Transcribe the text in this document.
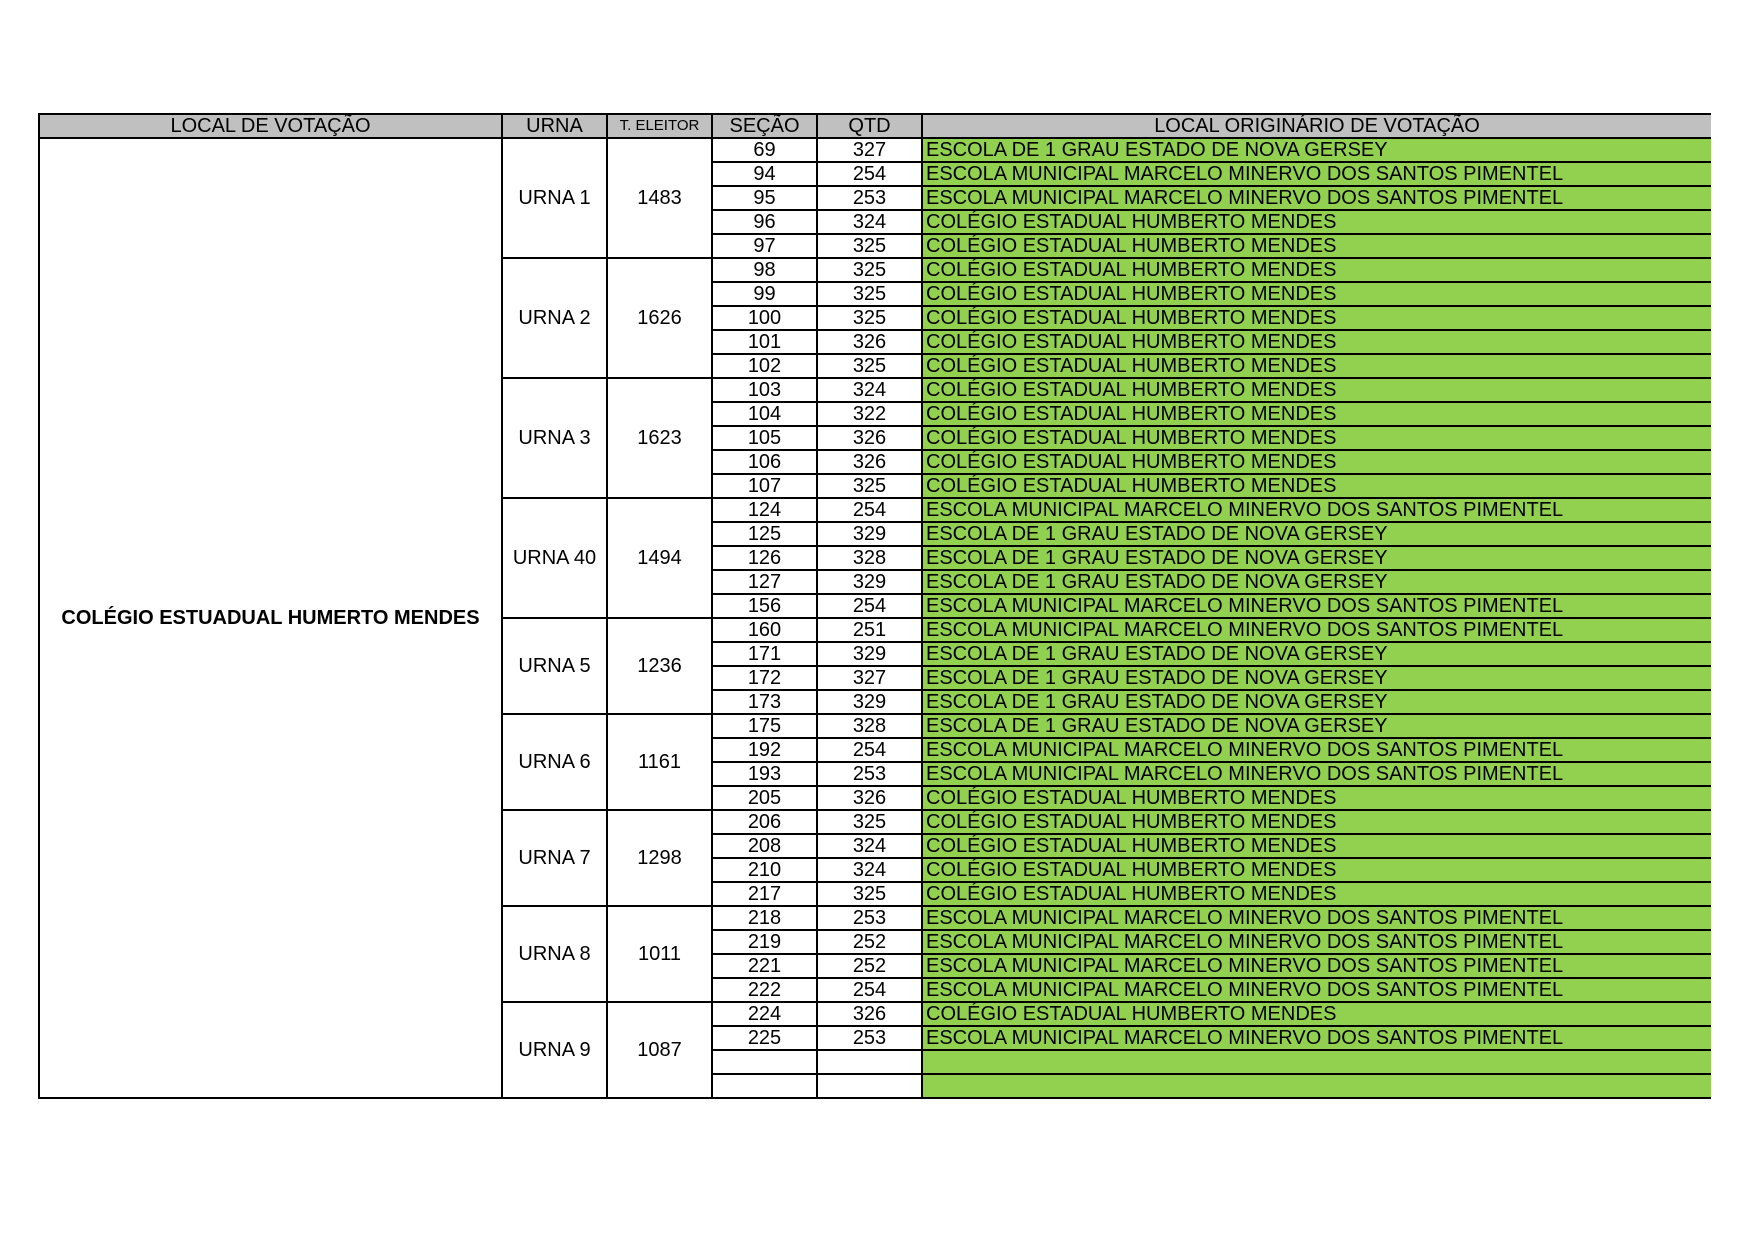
LOCAL DE VOTAÇÃO	URNA	T. ELEITOR	SEÇÃO	QTD	LOCAL ORIGINÁRIO DE VOTAÇÃO
COLÉGIO ESTUADUAL HUMERTO MENDES	URNA 1	1483	69	327	ESCOLA DE 1 GRAU ESTADO DE NOVA GERSEY
			94	254	ESCOLA MUNICIPAL MARCELO MINERVO DOS SANTOS PIMENTEL
			95	253	ESCOLA MUNICIPAL MARCELO MINERVO DOS SANTOS PIMENTEL
			96	324	COLÉGIO ESTADUAL HUMBERTO MENDES
			97	325	COLÉGIO ESTADUAL HUMBERTO MENDES
	URNA 2	1626	98	325	COLÉGIO ESTADUAL HUMBERTO MENDES
			99	325	COLÉGIO ESTADUAL HUMBERTO MENDES
			100	325	COLÉGIO ESTADUAL HUMBERTO MENDES
			101	326	COLÉGIO ESTADUAL HUMBERTO MENDES
			102	325	COLÉGIO ESTADUAL HUMBERTO MENDES
	URNA 3	1623	103	324	COLÉGIO ESTADUAL HUMBERTO MENDES
			104	322	COLÉGIO ESTADUAL HUMBERTO MENDES
			105	326	COLÉGIO ESTADUAL HUMBERTO MENDES
			106	326	COLÉGIO ESTADUAL HUMBERTO MENDES
			107	325	COLÉGIO ESTADUAL HUMBERTO MENDES
	URNA 40	1494	124	254	ESCOLA MUNICIPAL MARCELO MINERVO DOS SANTOS PIMENTEL
			125	329	ESCOLA DE 1 GRAU ESTADO DE NOVA GERSEY
			126	328	ESCOLA DE 1 GRAU ESTADO DE NOVA GERSEY
			127	329	ESCOLA DE 1 GRAU ESTADO DE NOVA GERSEY
			156	254	ESCOLA MUNICIPAL MARCELO MINERVO DOS SANTOS PIMENTEL
	URNA 5	1236	160	251	ESCOLA MUNICIPAL MARCELO MINERVO DOS SANTOS PIMENTEL
			171	329	ESCOLA DE 1 GRAU ESTADO DE NOVA GERSEY
			172	327	ESCOLA DE 1 GRAU ESTADO DE NOVA GERSEY
			173	329	ESCOLA DE 1 GRAU ESTADO DE NOVA GERSEY
	URNA 6	1161	175	328	ESCOLA DE 1 GRAU ESTADO DE NOVA GERSEY
			192	254	ESCOLA MUNICIPAL MARCELO MINERVO DOS SANTOS PIMENTEL
			193	253	ESCOLA MUNICIPAL MARCELO MINERVO DOS SANTOS PIMENTEL
			205	326	COLÉGIO ESTADUAL HUMBERTO MENDES
	URNA 7	1298	206	325	COLÉGIO ESTADUAL HUMBERTO MENDES
			208	324	COLÉGIO ESTADUAL HUMBERTO MENDES
			210	324	COLÉGIO ESTADUAL HUMBERTO MENDES
			217	325	COLÉGIO ESTADUAL HUMBERTO MENDES
	URNA 8	1011	218	253	ESCOLA MUNICIPAL MARCELO MINERVO DOS SANTOS PIMENTEL
			219	252	ESCOLA MUNICIPAL MARCELO MINERVO DOS SANTOS PIMENTEL
			221	252	ESCOLA MUNICIPAL MARCELO MINERVO DOS SANTOS PIMENTEL
			222	254	ESCOLA MUNICIPAL MARCELO MINERVO DOS SANTOS PIMENTEL
	URNA 9	1087	224	326	COLÉGIO ESTADUAL HUMBERTO MENDES
			225	253	ESCOLA MUNICIPAL MARCELO MINERVO DOS SANTOS PIMENTEL
